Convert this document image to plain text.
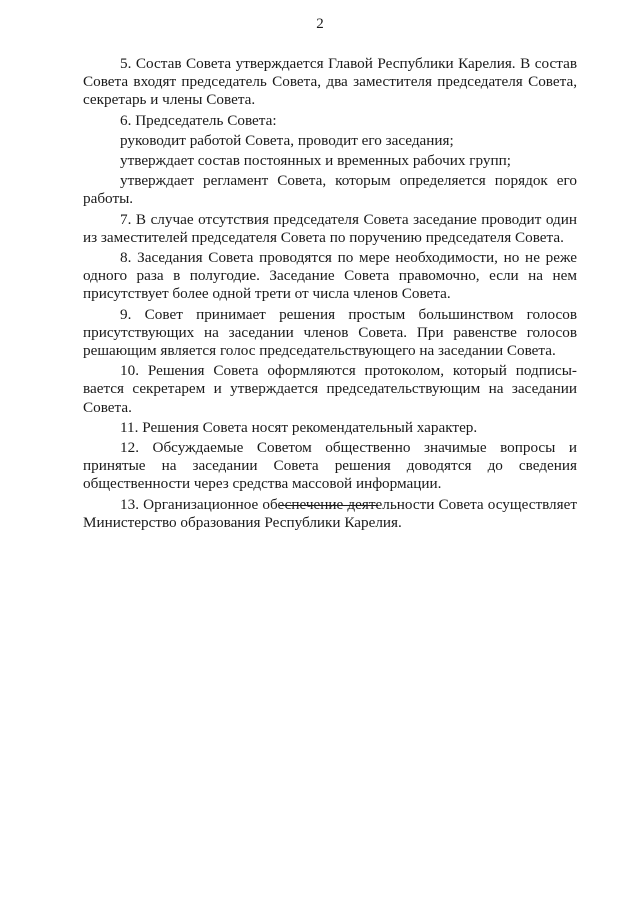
2

5. Состав Совета утверждается Главой Республики Карелия. В состав Совета входят председатель Совета, два заместителя председателя Совета, секретарь и члены Совета.

6. Председатель Совета:

руководит работой Совета, проводит его заседания;

утверждает состав постоянных и временных рабочих групп;

утверждает регламент Совета, которым определяется порядок его работы.

7. В случае отсутствия председателя Совета заседание проводит один из заместителей председателя Совета по поручению председателя Совета.

8. Заседания Совета проводятся по мере необходимости, но не реже одного раза в полугодие. Заседание Совета правомочно, если на нем присутствует более одной трети от числа членов Совета.

9. Совет принимает решения простым большинством голосов присутствующих на заседании членов Совета. При равенстве голосов решающим является голос председательствующего на заседании Совета.

10. Решения Совета оформляются протоколом, который подписы-вается секретарем и утверждается председательствующим на заседании Совета.

11. Решения Совета носят рекомендательный характер.

12. Обсуждаемые Советом общественно значимые вопросы и принятые на заседании Совета решения доводятся до сведения общественности через средства массовой информации.

13. Организационное обеспечение деятельности Совета осуществляет Министерство образования Республики Карелия.
